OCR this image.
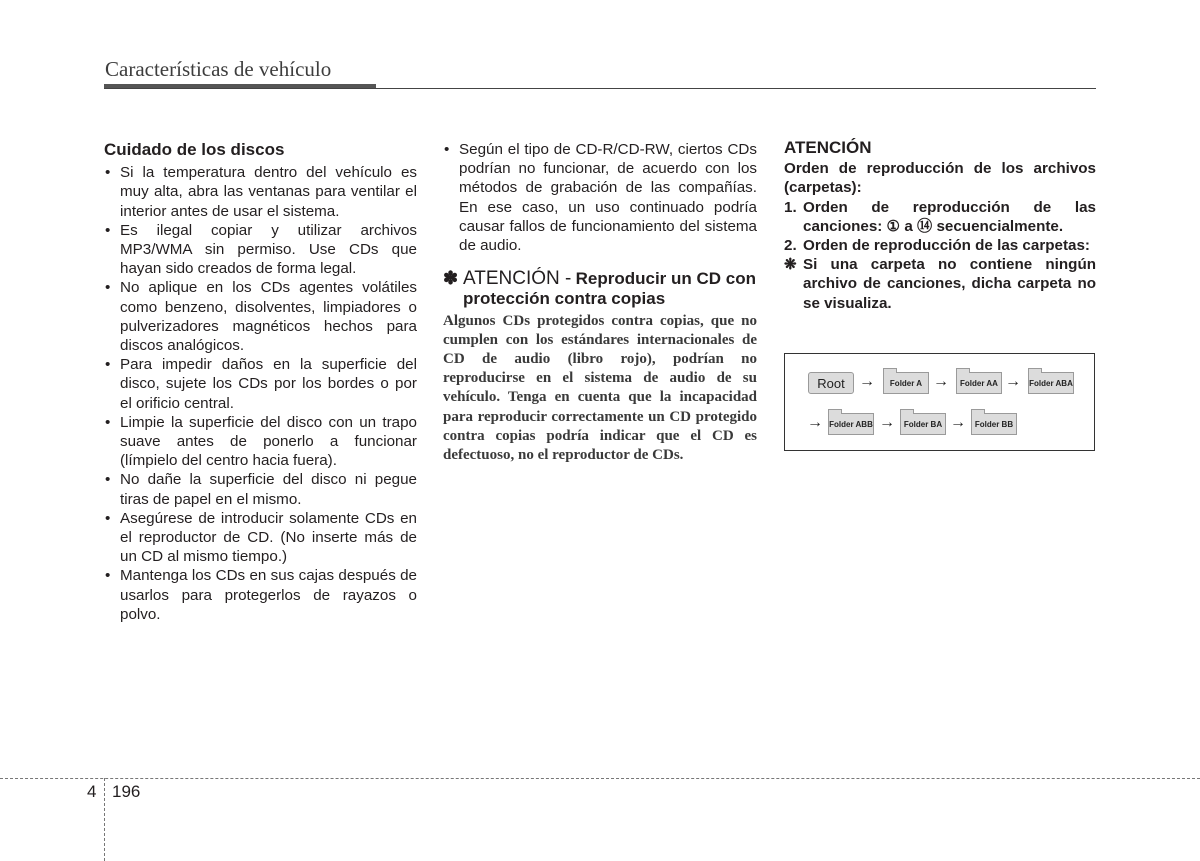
Características de vehículo
Cuidado de los discos
• Si la temperatura dentro del vehículo es muy alta, abra las ventanas para ventilar el interior antes de usar el sistema.
• Es ilegal copiar y utilizar archivos MP3/WMA sin permiso. Use CDs que hayan sido creados de forma legal.
• No aplique en los CDs agentes volátiles como benzeno, disolventes, limpiadores o pulverizadores magnéticos hechos para discos analógicos.
• Para impedir daños en la superficie del disco, sujete los CDs por los bordes o por el orificio central.
• Limpie la superficie del disco con un trapo suave antes de ponerlo a funcionar (límpielo del centro hacia fuera).
• No dañe la superficie del disco ni pegue tiras de papel en el mismo.
• Asegúrese de introducir solamente CDs en el reproductor de CD. (No inserte más de un CD al mismo tiempo.)
• Mantenga los CDs en sus cajas después de usarlos para protegerlos de rayazos o polvo.
• Según el tipo de CD-R/CD-RW, ciertos CDs podrían no funcionar, de acuerdo con los métodos de grabación de las compañías. En ese caso, un uso continuado podría causar fallos de funcionamiento del sistema de audio.
✽ ATENCIÓN - Reproducir un CD con protección contra copias
Algunos CDs protegidos contra copias, que no cumplen con los estándares internacionales de CD de audio (libro rojo), podrían no reproducirse en el sistema de audio de su vehículo. Tenga en cuenta que la incapacidad para reproducir correctamente un CD protegido contra copias podría indicar que el CD es defectuoso, no el reproductor de CDs.
ATENCIÓN
Orden de reproducción de los archivos (carpetas):
1. Orden de reproducción de las canciones: ① a ⑭ secuencialmente.
2. Orden de reproducción de las carpetas:
❋ Si una carpeta no contiene ningún archivo de canciones, dicha carpeta no se visualiza.
Root →	Folder A →	Folder AA → Folder ABA
→ Folder ABB →	Folder BA →	Folder BB
4 196
